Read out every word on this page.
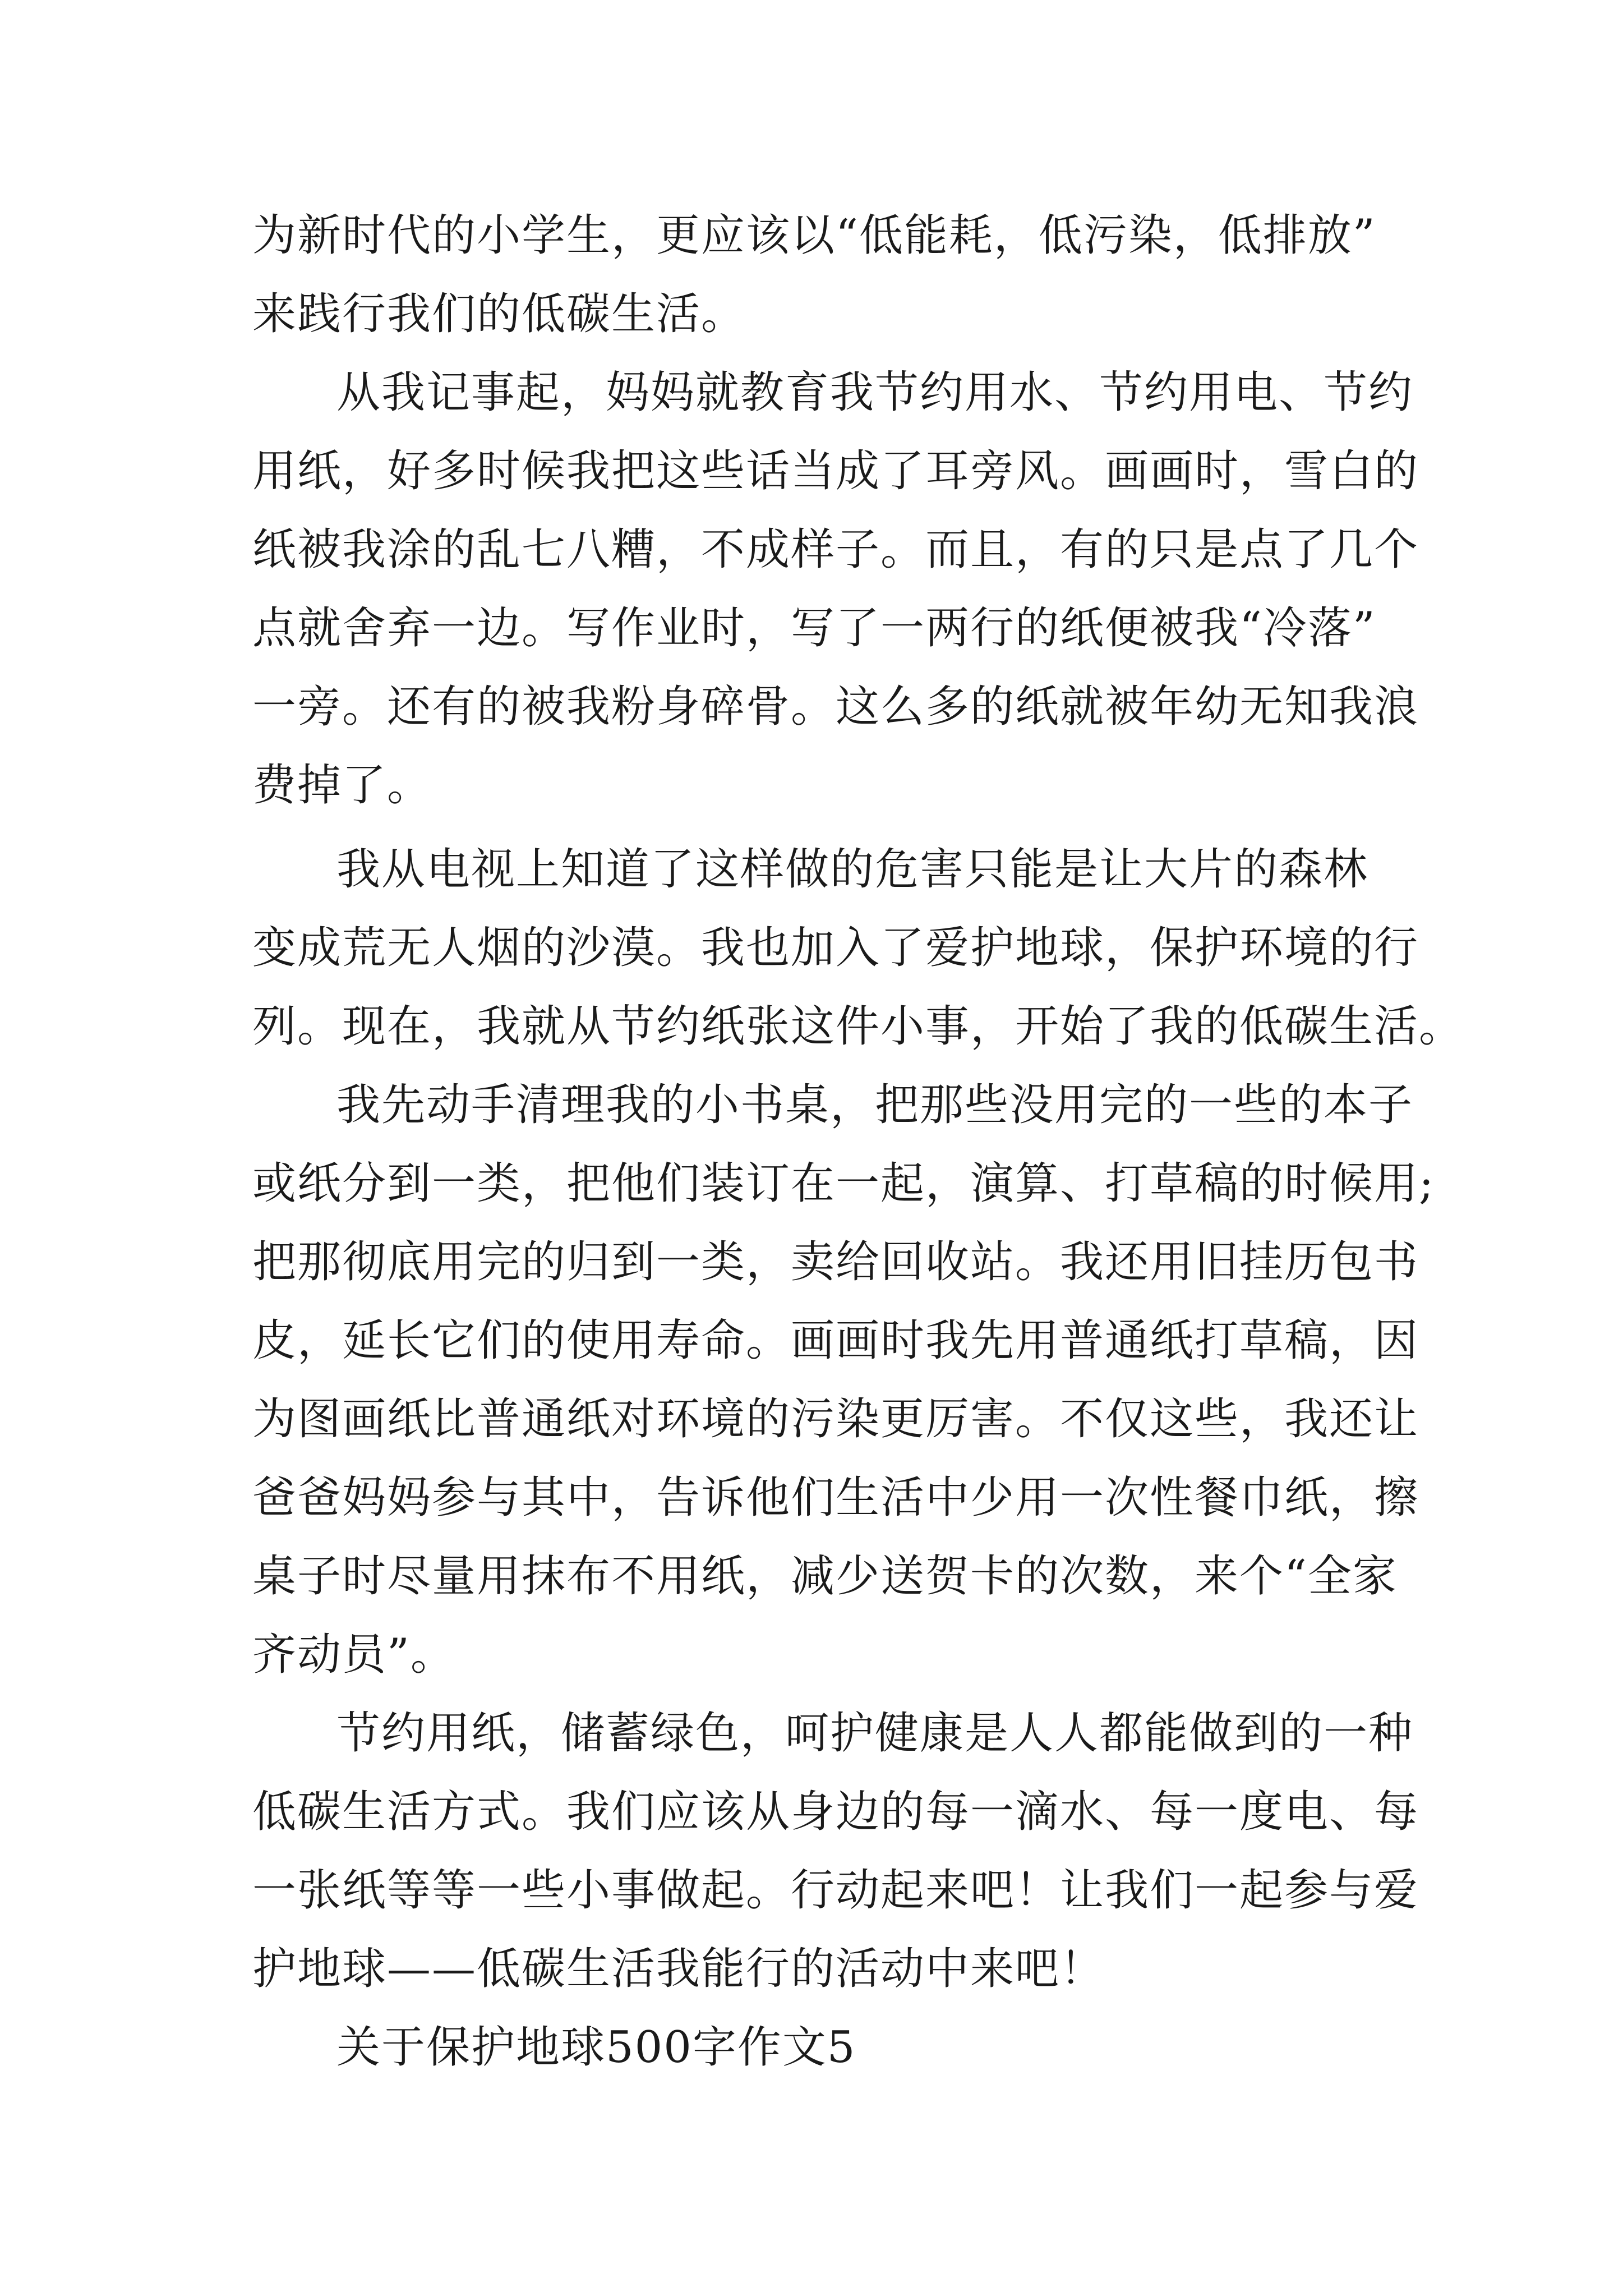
为新时代的小学生，更应该以“低能耗，低污染，低排放”
来践行我们的低碳生活。
从我记事起，妈妈就教育我节约用水、节约用电、节约
用纸，好多时候我把这些话当成了耳旁风。画画时，雪白的
纸被我涂的乱七八糟，不成样子。而且，有的只是点了几个
点就舍弃一边。写作业时，写了一两行的纸便被我“冷落”
一旁。还有的被我粉身碎骨。这么多的纸就被年幼无知我浪
费掉了。
我从电视上知道了这样做的危害只能是让大片的森林
变成荒无人烟的沙漠。我也加入了爱护地球，保护环境的行
列。现在，我就从节约纸张这件小事，开始了我的低碳生活。
我先动手清理我的小书桌，把那些没用完的一些的本子
或纸分到一类，把他们装订在一起，演算、打草稿的时候用;
把那彻底用完的归到一类，卖给回收站。我还用旧挂历包书
皮，延长它们的使用寿命。画画时我先用普通纸打草稿，因
为图画纸比普通纸对环境的污染更厉害。不仅这些，我还让
爸爸妈妈参与其中，告诉他们生活中少用一次性餐巾纸，擦
桌子时尽量用抹布不用纸，减少送贺卡的次数，来个“全家
齐动员”。
节约用纸，储蓄绿色，呵护健康是人人都能做到的一种
低碳生活方式。我们应该从身边的每一滴水、每一度电、每
一张纸等等一些小事做起。行动起来吧！让我们一起参与爱
护地球——低碳生活我能行的活动中来吧！
关于保护地球500字作文5
